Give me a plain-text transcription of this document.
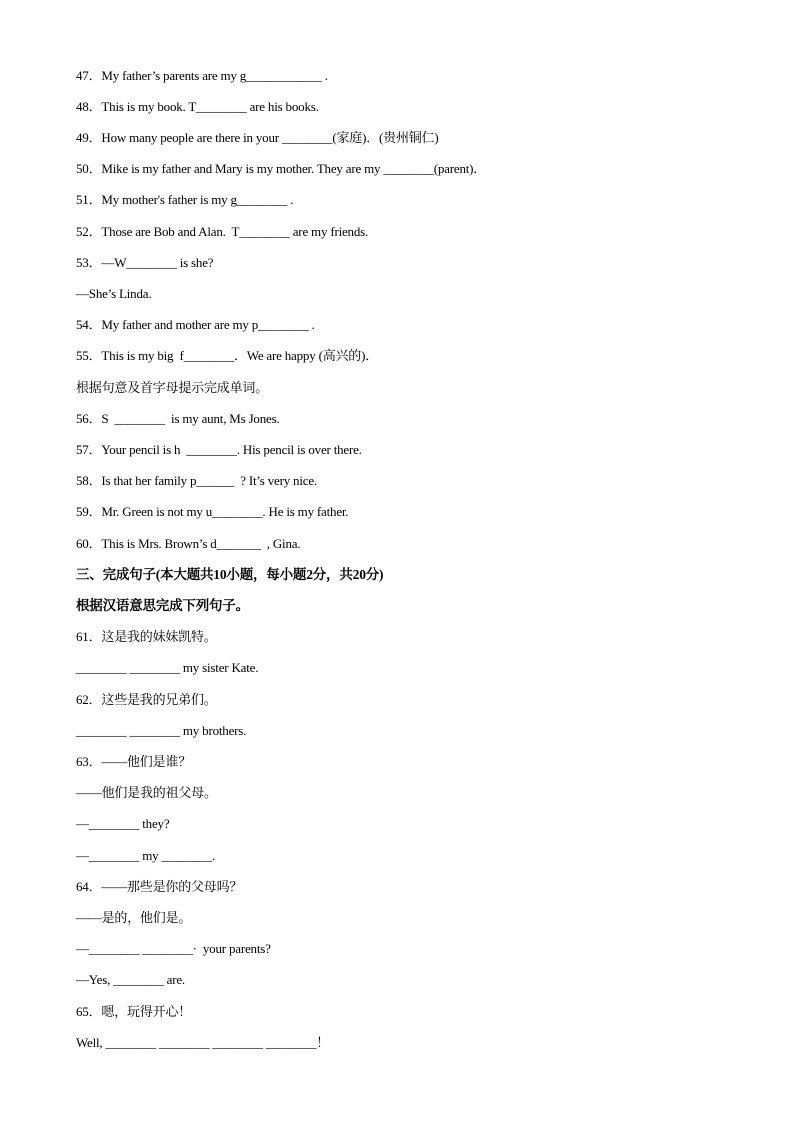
47．My father’s parents are my g____________ .
48．This is my book. T________ are his books.
49．How many people are there in your ________(家庭)．(贵州铜仁)
50．Mike is my father and Mary is my mother. They are my ________(parent)．
51．My mother's father is my g________ .
52．Those are Bob and Alan.  T________ are my friends.
53．—W________ is she?
—She’s Linda.
54．My father and mother are my p________ .
55．This is my big  f________．We are happy (高兴的)．
根据句意及首字母提示完成单词。
56．S  ________  is my aunt, Ms Jones.
57．Your pencil is h  ________. His pencil is over there.
58．Is that her family p______  ? It’s very nice.
59．Mr. Green is not my u________. He is my father.
60．This is Mrs. Brown’s d_______  , Gina.
三、完成句子(本大题共10小题，每小题2分，共20分)
根据汉语意思完成下列句子。
61．这是我的妹妹凯特。
________ ________ my sister Kate.
62．这些是我的兄弟们。
________ ________ my brothers.
63．——他们是谁？
——他们是我的祖父母。
—________ they?
—________ my ________.
64．——那些是你的父母吗？
——是的，他们是。
—________ ________·  your parents?
—Yes, ________ are.
65．嗯，玩得开心！
Well, ________ ________ ________ ________！
